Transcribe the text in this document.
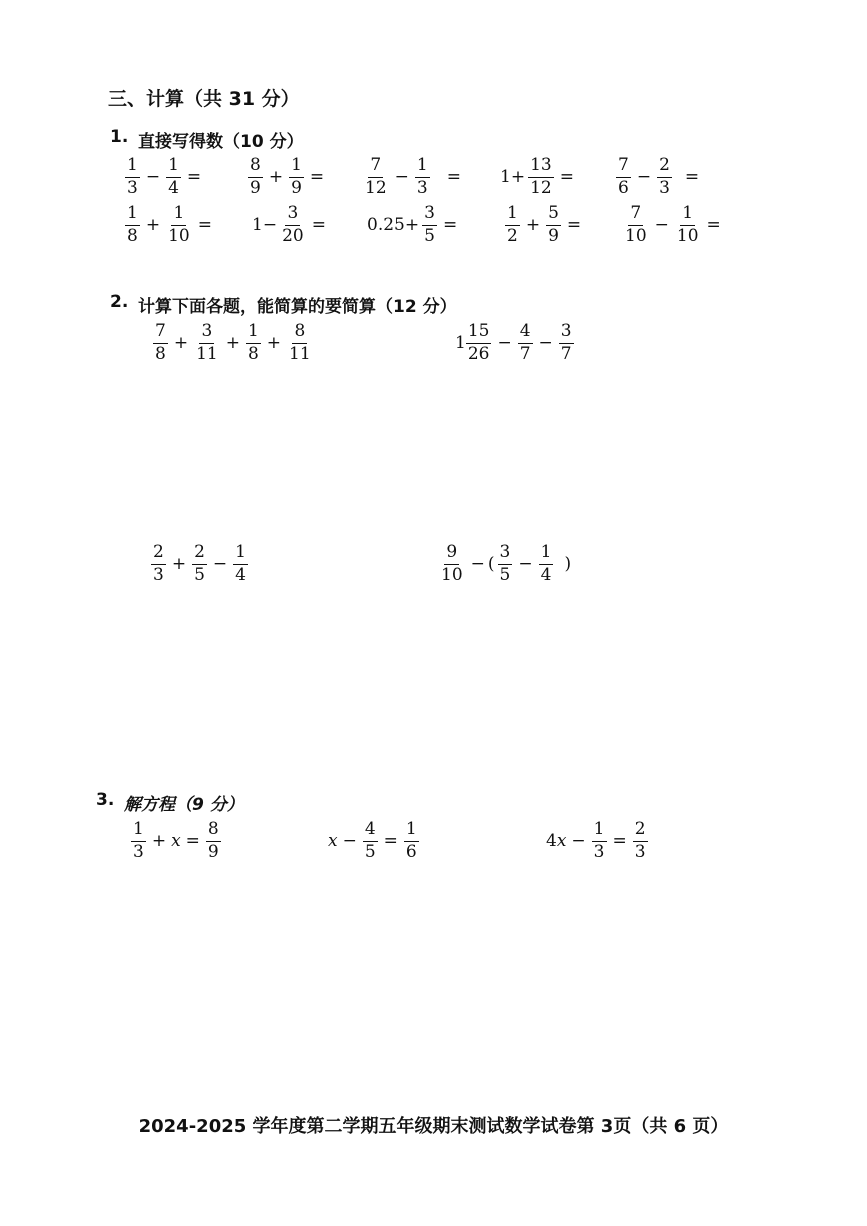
三、计算（共 31 分）
1. 直接写得数（10 分）
$\frac{1}{3} - \frac{1}{4}$ =	$\frac{8}{9} + \frac{1}{9} = \frac{7}{12} - \frac{1}{3} = 1+ \frac{13}{12} = \frac{7}{6} - \frac{2}{3}$ =
$\frac{1}{8} + \frac{1}{10} = 1- \frac{3}{20} = 0.25+ \frac{3}{5}$ =	$\frac{1}{2} + \frac{5}{9} = \frac{7}{10} - \frac{1}{10}$ =
2. 计算下面各题，能简算的要简算（12 分）
$\frac{7}{8} + \frac{3}{11} + \frac{1}{8} + \frac{8}{11}$	$1 \frac{15}{26} - \frac{4}{7} - \frac{3}{7}$
$\frac{2}{3} + \frac{2}{5} - \frac{1}{4}$	$\frac{9}{10}$ − ( $\frac{3}{5} - \frac{1}{4}$ )
3. 解方程（9 分）
$\frac{1}{3} + x = \frac{8}{9}$	$x - \frac{4}{5} = \frac{1}{6}$	4 $x - \frac{1}{3} = \frac{2}{3}$
2024-2025 学年度第二学期五年级期末测试数学试卷第 3页（共 6 页）
